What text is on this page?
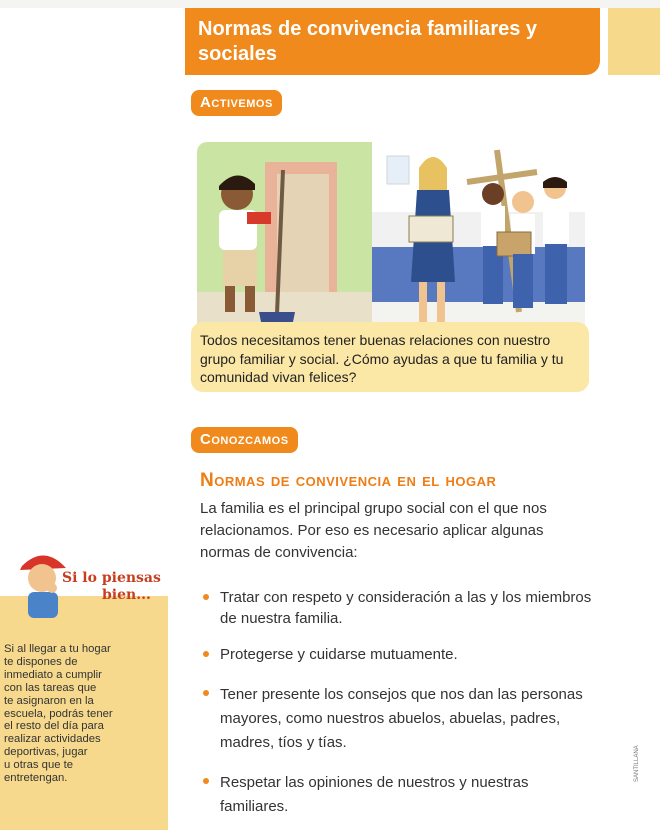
Normas de convivencia familiares y sociales
Activemos
Todos necesitamos tener buenas relaciones con nuestro grupo familiar y social. ¿Cómo ayudas a que tu familia y tu comunidad vivan felices?
Conozcamos
Normas de convivencia en el hogar
La familia es el principal grupo social con el que nos relacionamos. Por eso es necesario aplicar algunas normas de convivencia:
Tratar con respeto y consideración a las y los miembros de nuestra familia.
Protegerse y cuidarse mutuamente.
Tener presente los consejos que nos dan las personas mayores, como nuestros abuelos, abuelas, padres, madres, tíos y tías.
Respetar las opiniones de nuestros y nuestras familiares.
Si lo piensas
bien...
Si al llegar a tu hogar
te dispones de
inmediato a cumplir
con las tareas que
te asignaron en la
escuela, podrás tener
el resto del día para
realizar actividades
deportivas, jugar
u otras que te
entretengan.	SANTILLANA
